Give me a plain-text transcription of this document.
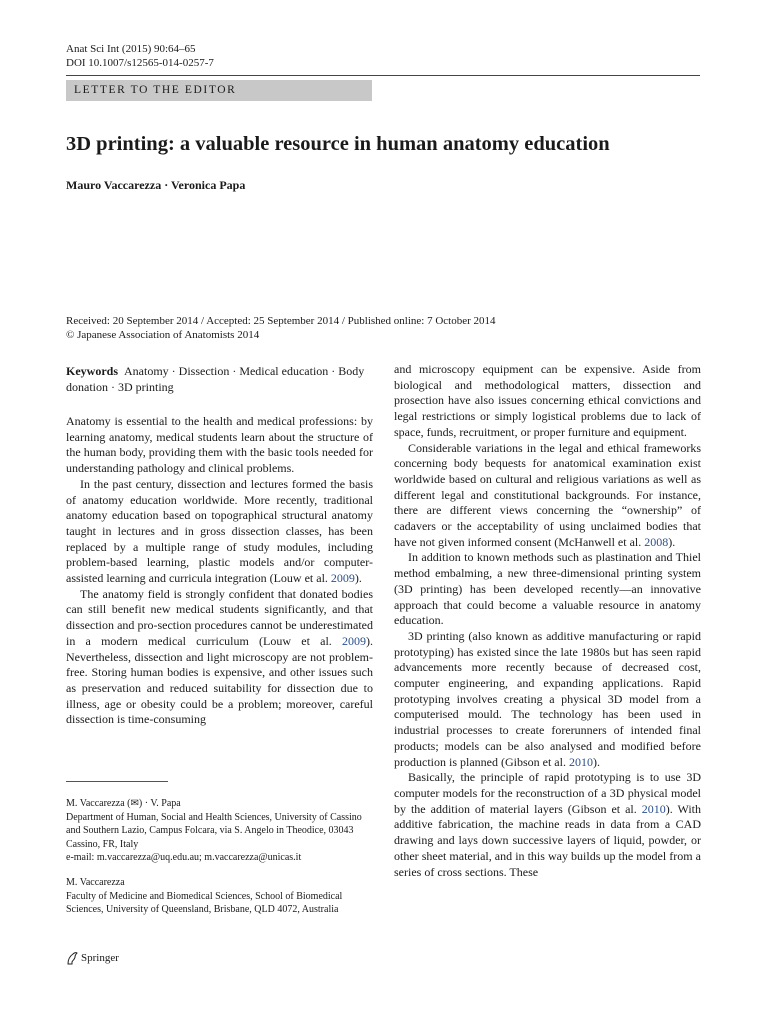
Anat Sci Int (2015) 90:64–65
DOI 10.1007/s12565-014-0257-7
LETTER TO THE EDITOR
3D printing: a valuable resource in human anatomy education
Mauro Vaccarezza · Veronica Papa
Received: 20 September 2014 / Accepted: 25 September 2014 / Published online: 7 October 2014
© Japanese Association of Anatomists 2014
Keywords Anatomy · Dissection · Medical education · Body donation · 3D printing

Anatomy is essential to the health and medical professions: by learning anatomy, medical students learn about the structure of the human body, providing them with the basic tools needed for understanding pathology and clinical problems.

In the past century, dissection and lectures formed the basis of anatomy education worldwide. More recently, traditional anatomy education based on topographical structural anatomy taught in lectures and in gross dissection classes, has been replaced by a multiple range of study modules, including problem-based learning, plastic models and/or computer-assisted learning and curricula integration (Louw et al. 2009).

The anatomy field is strongly confident that donated bodies can still benefit new medical students significantly, and that dissection and pro-section procedures cannot be underestimated in a modern medical curriculum (Louw et al. 2009). Nevertheless, dissection and light microscopy are not problem-free. Storing human bodies is expensive, and other issues such as preservation and reduced suitability for dissection due to illness, age or obesity could be a problem; moreover, careful dissection is time-consuming

and microscopy equipment can be expensive. Aside from biological and methodological matters, dissection and prosection have also issues concerning ethical convictions and legal restrictions or simply logistical problems due to lack of space, funds, recruitment, or proper furniture and equipment.

Considerable variations in the legal and ethical frameworks concerning body bequests for anatomical examination exist worldwide based on cultural and religious variations as well as different legal and constitutional backgrounds. For instance, there are different views concerning the “ownership” of cadavers or the acceptability of using unclaimed bodies that have not given informed consent (McHanwell et al. 2008).

In addition to known methods such as plastination and Thiel method embalming, a new three-dimensional printing system (3D printing) has been developed recently—an innovative approach that could become a valuable resource in anatomy education.

3D printing (also known as additive manufacturing or rapid prototyping) has existed since the late 1980s but has seen rapid advancements more recently because of decreased cost, computer engineering, and expanding applications. Rapid prototyping involves creating a physical 3D model from a computerised mould. The technology has been used in industrial processes to create forerunners of intended final products; models can be also analysed and modified before production is planned (Gibson et al. 2010).

Basically, the principle of rapid prototyping is to use 3D computer models for the reconstruction of a 3D physical model by the addition of material layers (Gibson et al. 2010). With additive fabrication, the machine reads in data from a CAD drawing and lays down successive layers of liquid, powder, or other sheet material, and in this way builds up the model from a series of cross sections. These

M. Vaccarezza (✉) · V. Papa
Department of Human, Social and Health Sciences, University of Cassino and Southern Lazio, Campus Folcara, via S. Angelo in Theodice, 03043 Cassino, FR, Italy
e-mail: m.vaccarezza@uq.edu.au; m.vaccarezza@unicas.it
M. Vaccarezza
Faculty of Medicine and Biomedical Sciences, School of Biomedical Sciences, University of Queensland, Brisbane, QLD 4072, Australia
Springer
